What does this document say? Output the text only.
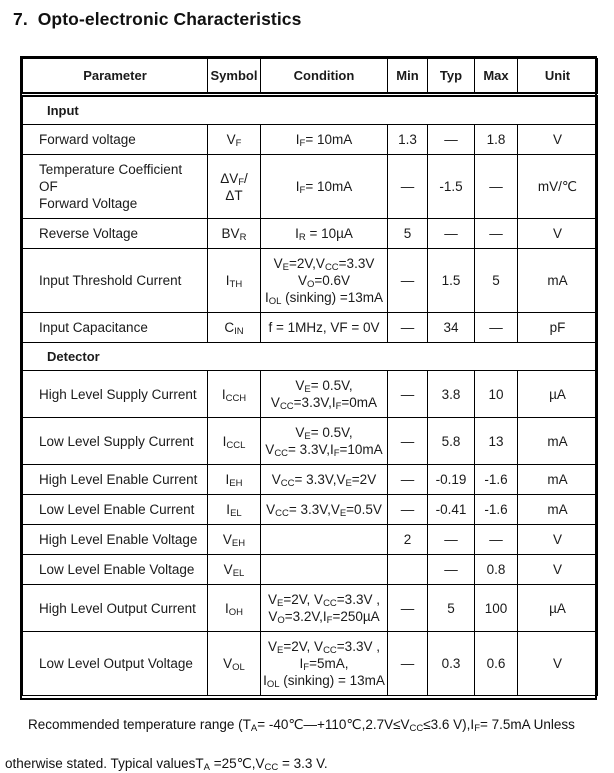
7.  Opto-electronic Characteristics
Parameter	Symbol	Condition	Min	Typ	Max	Unit
Input						
Forward voltage	$V_F$	$I_F= 10mA$	1.3	—	1.8	V
Temperature Coefficient OF
Forward Voltage	$\Delta V_F/$ ΔT	$I_F= 10mA$	—	-1.5	—	mV/℃
Reverse Voltage	$BV_R$	$I_R = 10\mu A$	5	—	—	V
Input Threshold Current	$I_{TH}$	$V_E=2V,V_{CC}=3.3V$
$V_O=0.6V$
$I_{OL}$ (sinking) =13mA	—	1.5	5	mA
Input Capacitance	$C_{IN}$	f = 1MHz, VF = 0V	—	34	—	pF
Detector						
High Level Supply Current	$I_{CCH}$	$V_E= 0.5V$,
$V_{CC}=3.3V,I_F=0mA$	—	3.8	10	µA
Low Level Supply Current	$I_{CCL}$	$V_E= 0.5V$,
$V_{CC}= 3.3V,I_F=10mA$	—	5.8	13	mA
High Level Enable Current	$I_{EH}$	$V_{CC}= 3.3V,V_E=2V$	—	-0.19	-1.6	mA
Low Level Enable Current	$I_{EL}$	$V_{CC}= 3.3V,V_E=0.5V$	—	-0.41	-1.6	mA
High Level Enable Voltage	$V_{EH}$		2	—	—	V
Low Level Enable Voltage	$V_{EL}$			—	0.8	V
High Level Output Current	$I_{OH}$	$V_E=2V$, $V_{CC}=3.3V$ ,
$V_O=3.2V,I_F=250\mu A$	—	5	100	µA
Low Level Output Voltage	$V_{OL}$	$V_E=2V$, $V_{CC}=3.3V$ ,
$I_F=5mA$,
$I_{OL}$ (sinking) = 13mA	—	0.3	0.6	V
Recommended temperature range ($T_A=$ $-40℃—+110℃,2.7V\le V_{CC}\le 3.6$ $V),I_F= 7.5mA$ Unless
otherwise stated. Typical valuesT$_A$ $=25℃,V_{CC} = 3.3$ V.
